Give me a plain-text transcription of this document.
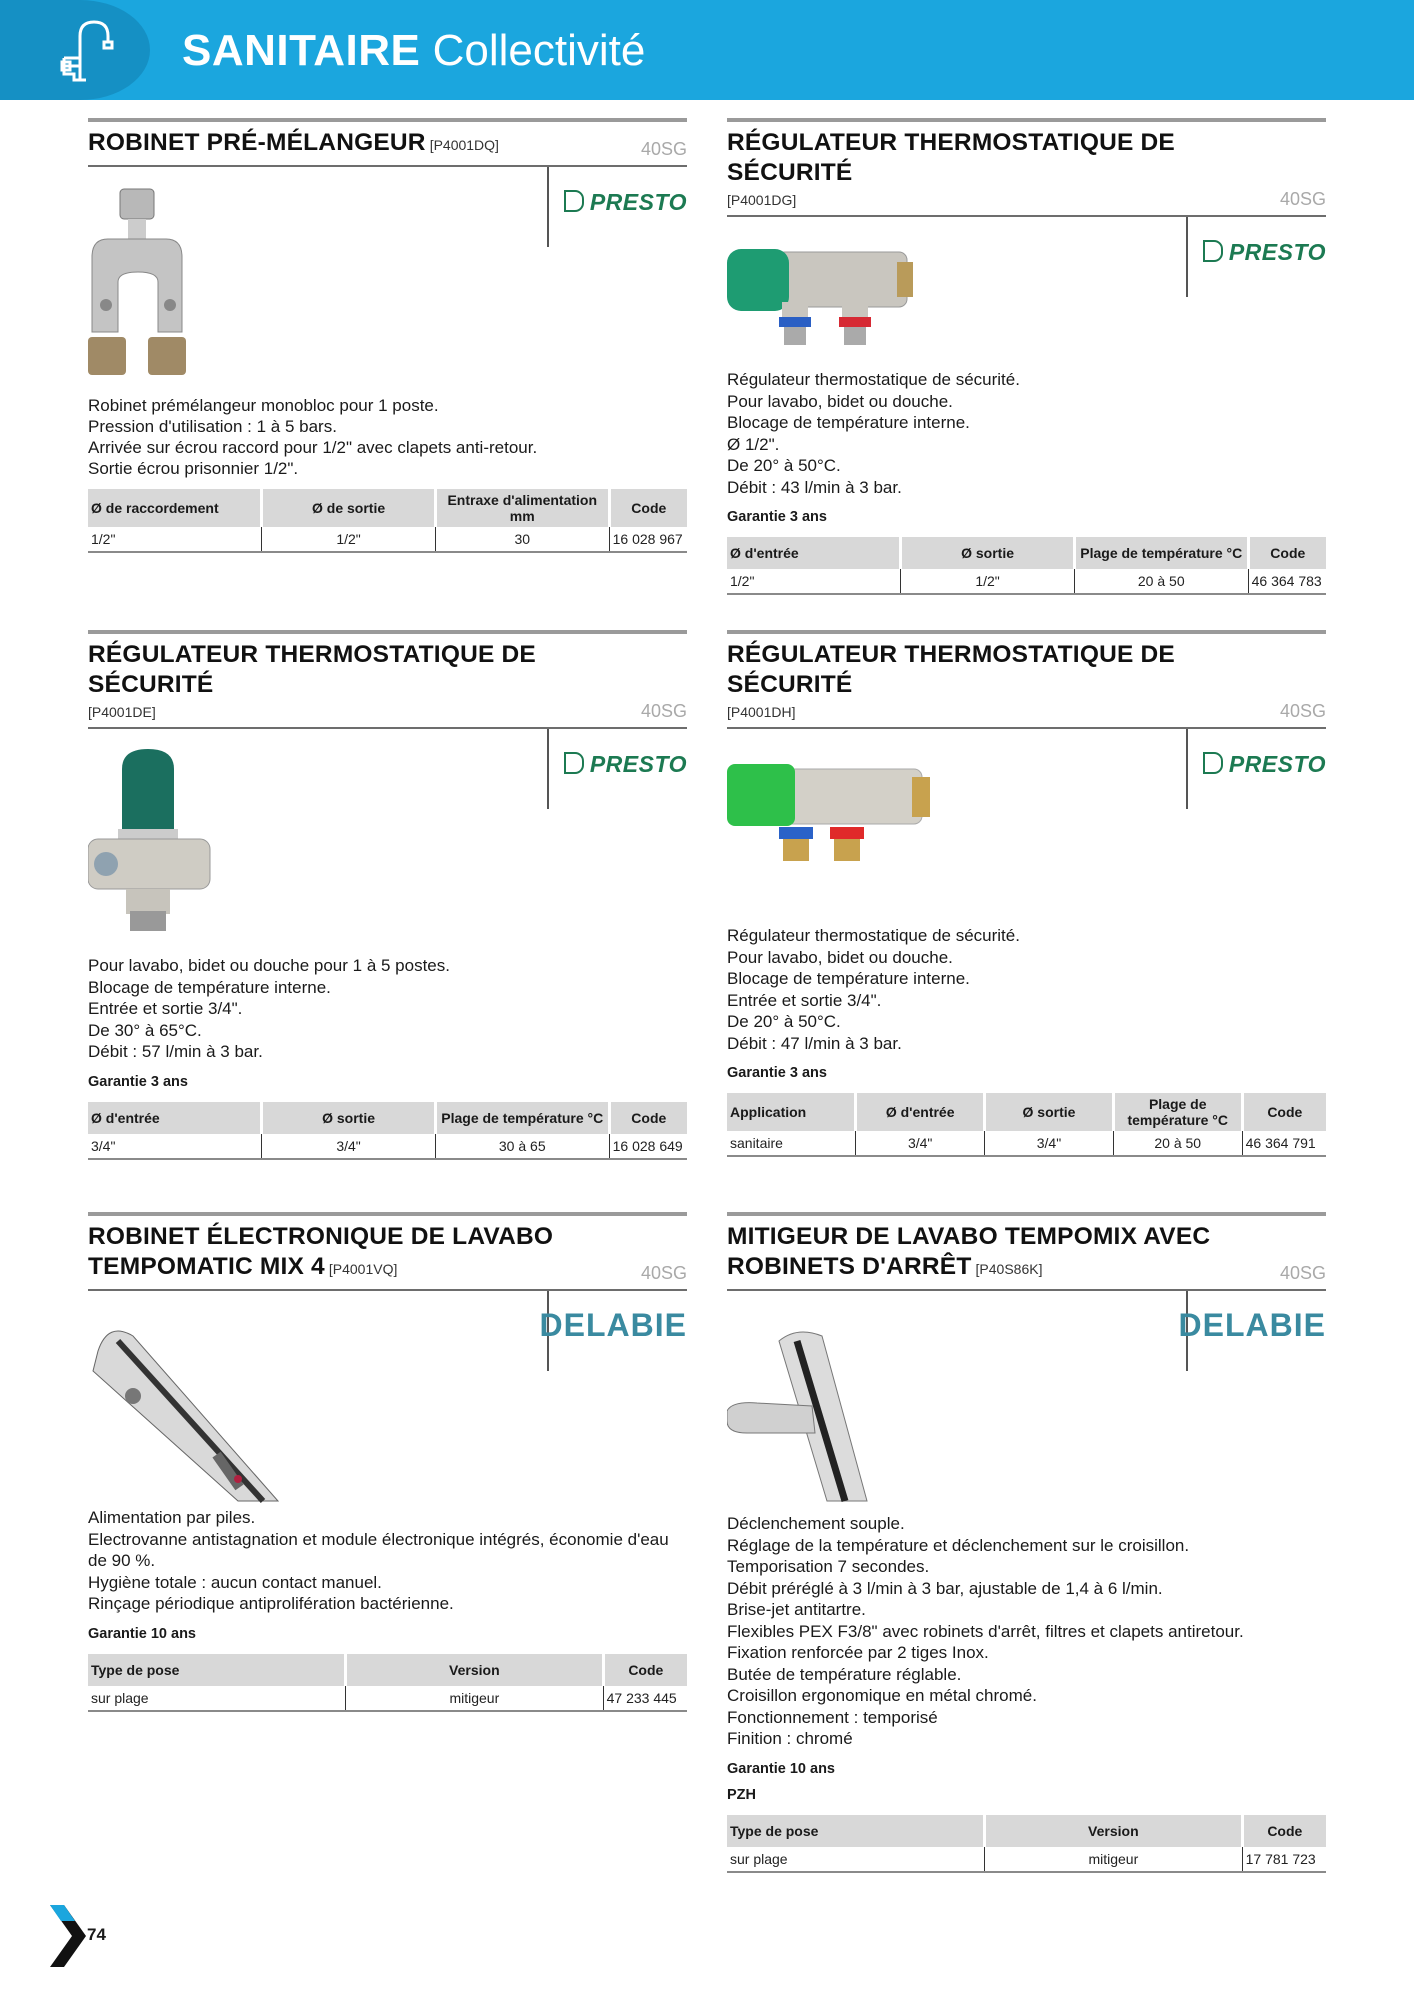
SANITAIRE Collectivité
ROBINET PRÉ-MÉLANGEUR [P4001DQ]	40SG
PRESTO
Robinet prémélangeur monobloc pour 1 poste.
Pression d'utilisation : 1 à 5 bars.
Arrivée sur écrou raccord pour 1/2" avec clapets anti-retour.
Sortie écrou prisonnier 1/2".
Ø de raccordement	Ø de sortie	Entraxe d'alimentation mm	Code
1/2"	1/2"	30	16 028 967
RÉGULATEUR THERMOSTATIQUE DE SÉCURITÉ
[P4001DG]	40SG
PRESTO
Régulateur thermostatique de sécurité.
Pour lavabo, bidet ou douche.
Blocage de température interne.
Ø 1/2".
De 20° à 50°C.
Débit : 43 l/min à 3 bar.
Garantie 3 ans
Ø d'entrée	Ø sortie	Plage de température °C	Code
1/2"	1/2"	20 à 50	46 364 783
RÉGULATEUR THERMOSTATIQUE DE SÉCURITÉ
[P4001DE]	40SG
PRESTO
Pour lavabo, bidet ou douche pour 1 à 5 postes.
Blocage de température interne.
Entrée et sortie 3/4".
De 30° à 65°C.
Débit : 57 l/min à 3 bar.
Garantie 3 ans
Ø d'entrée	Ø sortie	Plage de température °C	Code
3/4"	3/4"	30 à 65	16 028 649
RÉGULATEUR THERMOSTATIQUE DE SÉCURITÉ
[P4001DH]	40SG
PRESTO
Régulateur thermostatique de sécurité.
Pour lavabo, bidet ou douche.
Blocage de température interne.
Entrée et sortie 3/4".
De 20° à 50°C.
Débit : 47 l/min à 3 bar.
Garantie 3 ans
Application	Ø d'entrée	Ø sortie	Plage de température °C	Code
sanitaire	3/4"	3/4"	20 à 50	46 364 791
ROBINET ÉLECTRONIQUE DE LAVABO TEMPOMATIC MIX 4 [P4001VQ]	40SG
DELABIE
Alimentation par piles.
Electrovanne antistagnation et module électronique intégrés, économie d'eau de 90 %.
Hygiène totale : aucun contact manuel.
Rinçage périodique antiprolifération bactérienne.
Garantie 10 ans
Type de pose	Version	Code
sur plage	mitigeur	47 233 445
MITIGEUR DE LAVABO TEMPOMIX AVEC ROBINETS D'ARRÊT [P40S86K]	40SG
DELABIE
Déclenchement souple.
Réglage de la température et déclenchement sur le croisillon.
Temporisation 7 secondes.
Débit préréglé à 3 l/min à 3 bar, ajustable de 1,4 à 6 l/min.
Brise-jet antitartre.
Flexibles PEX F3/8" avec robinets d'arrêt, filtres et clapets antiretour.
Fixation renforcée par 2 tiges Inox.
Butée de température réglable.
Croisillon ergonomique en métal chromé.
Fonctionnement : temporisé
Finition : chromé
Garantie 10 ans
PZH
Type de pose	Version	Code
sur plage	mitigeur	17 781 723
74
